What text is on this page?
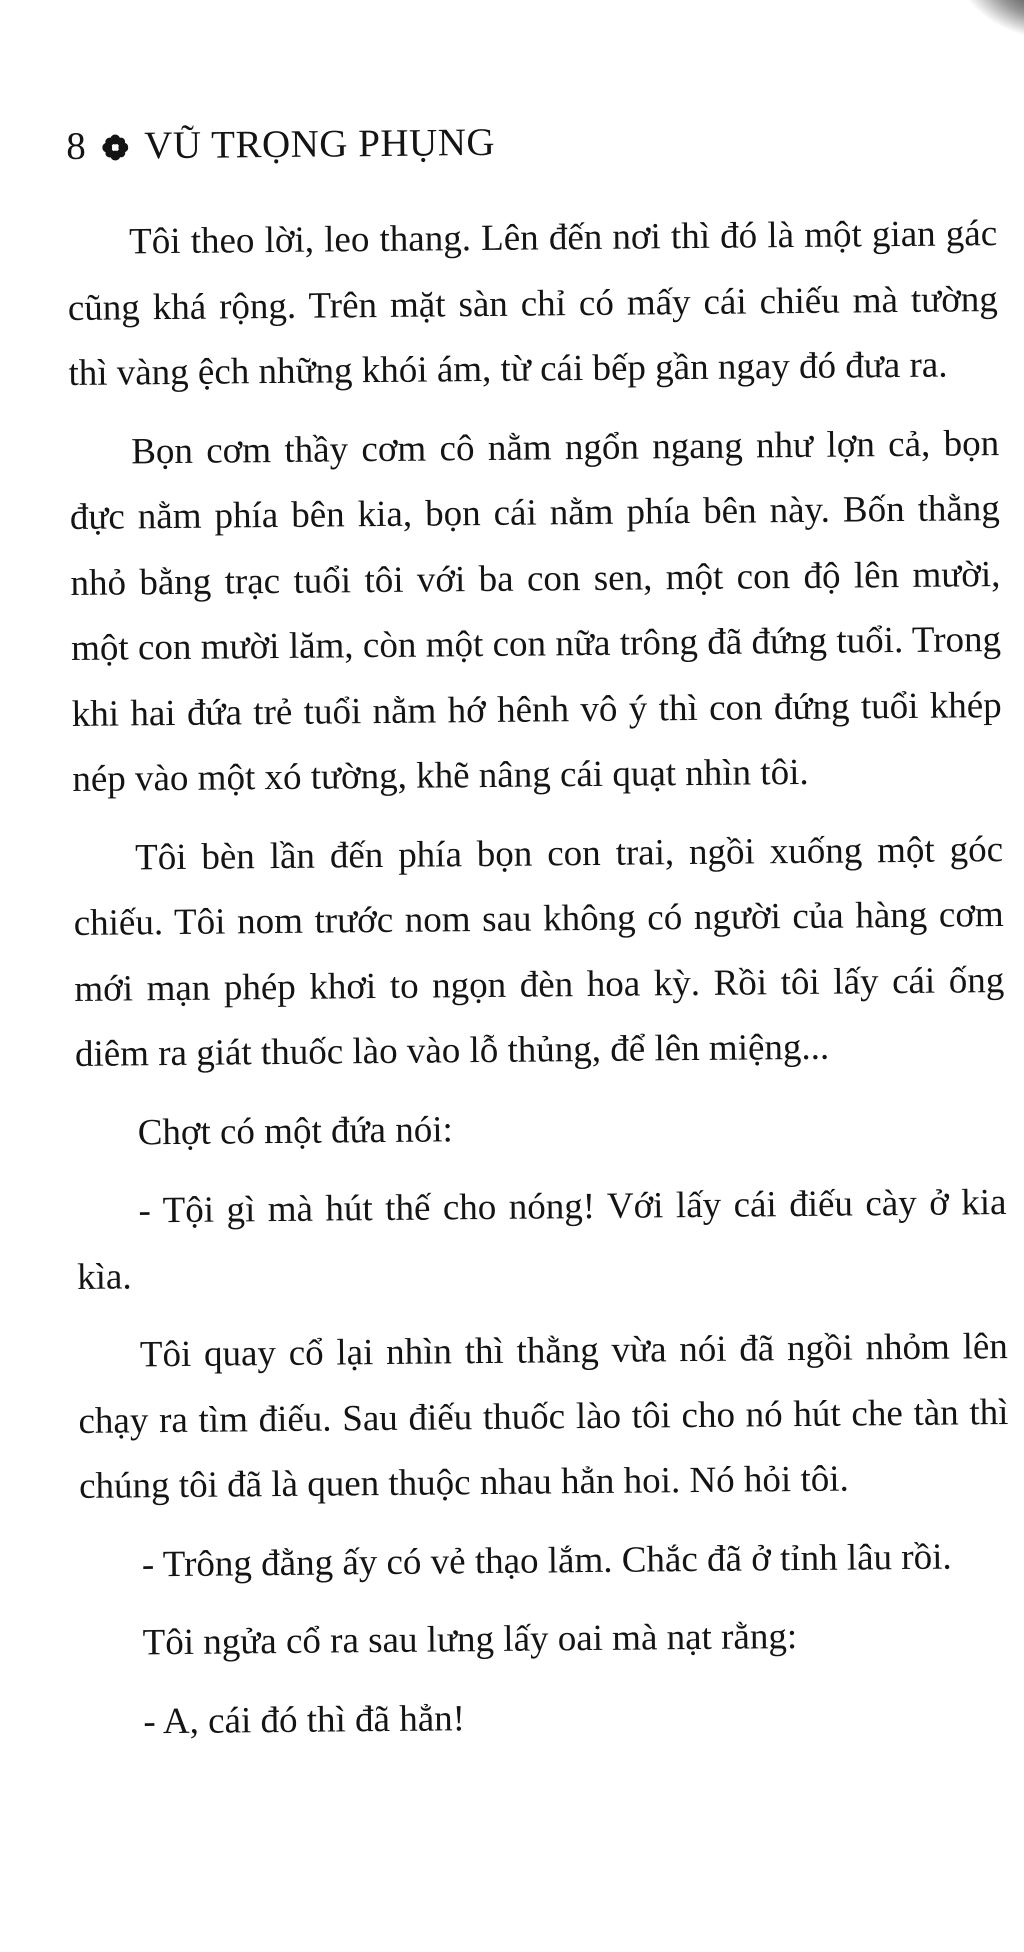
8 VŨ TRỌNG PHỤNG

Tôi theo lời, leo thang. Lên đến nơi thì đó là một gian gác cũng khá rộng. Trên mặt sàn chỉ có mấy cái chiếu mà tường thì vàng ệch những khói ám, từ cái bếp gần ngay đó đưa ra.

Bọn cơm thầy cơm cô nằm ngổn ngang như lợn cả, bọn đực nằm phía bên kia, bọn cái nằm phía bên này. Bốn thằng nhỏ bằng trạc tuổi tôi với ba con sen, một con độ lên mười, một con mười lăm, còn một con nữa trông đã đứng tuổi. Trong khi hai đứa trẻ tuổi nằm hớ hênh vô ý thì con đứng tuổi khép nép vào một xó tường, khẽ nâng cái quạt nhìn tôi.

Tôi bèn lần đến phía bọn con trai, ngồi xuống một góc chiếu. Tôi nom trước nom sau không có người của hàng cơm mới mạn phép khơi to ngọn đèn hoa kỳ. Rồi tôi lấy cái ống diêm ra giát thuốc lào vào lỗ thủng, để lên miệng...

Chợt có một đứa nói:

- Tội gì mà hút thế cho nóng! Với lấy cái điếu cày ở kia kìa.

Tôi quay cổ lại nhìn thì thằng vừa nói đã ngồi nhỏm lên chạy ra tìm điếu. Sau điếu thuốc lào tôi cho nó hút che tàn thì chúng tôi đã là quen thuộc nhau hẳn hoi. Nó hỏi tôi.

- Trông đằng ấy có vẻ thạo lắm. Chắc đã ở tỉnh lâu rồi.

Tôi ngửa cổ ra sau lưng lấy oai mà nạt rằng:

- A, cái đó thì đã hẳn!
